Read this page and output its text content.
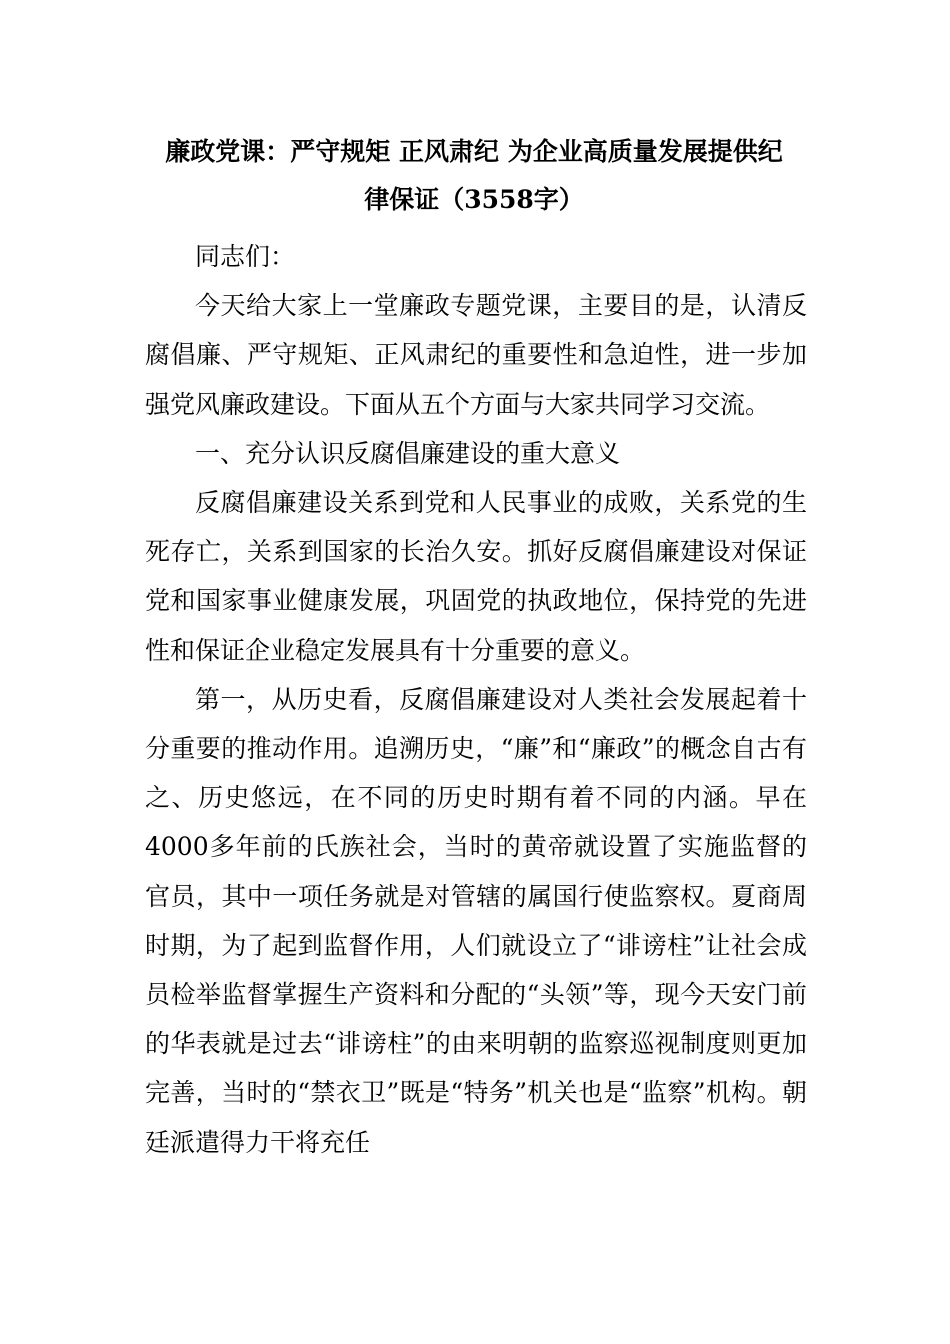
廉政党课：严守规矩 正风肃纪 为企业高质量发展提供纪
律保证（3558字）

同志们：

今天给大家上一堂廉政专题党课，主要目的是，认清反腐倡廉、严守规矩、正风肃纪的重要性和急迫性，进一步加强党风廉政建设。下面从五个方面与大家共同学习交流。

一、充分认识反腐倡廉建设的重大意义

反腐倡廉建设关系到党和人民事业的成败，关系党的生死存亡，关系到国家的长治久安。抓好反腐倡廉建设对保证党和国家事业健康发展，巩固党的执政地位，保持党的先进性和保证企业稳定发展具有十分重要的意义。

第一，从历史看，反腐倡廉建设对人类社会发展起着十分重要的推动作用。追溯历史，“廉”和“廉政”的概念自古有之、历史悠远，在不同的历史时期有着不同的内涵。早在4000多年前的氏族社会，当时的黄帝就设置了实施监督的官员，其中一项任务就是对管辖的属国行使监察权。夏商周时期，为了起到监督作用，人们就设立了“诽谤柱”让社会成员检举监督掌握生产资料和分配的“头领”等，现今天安门前的华表就是过去“诽谤柱”的由来明朝的监察巡视制度则更加完善，当时的“禁衣卫”既是“特务”机关也是“监察”机构。朝廷派遣得力干将充任
